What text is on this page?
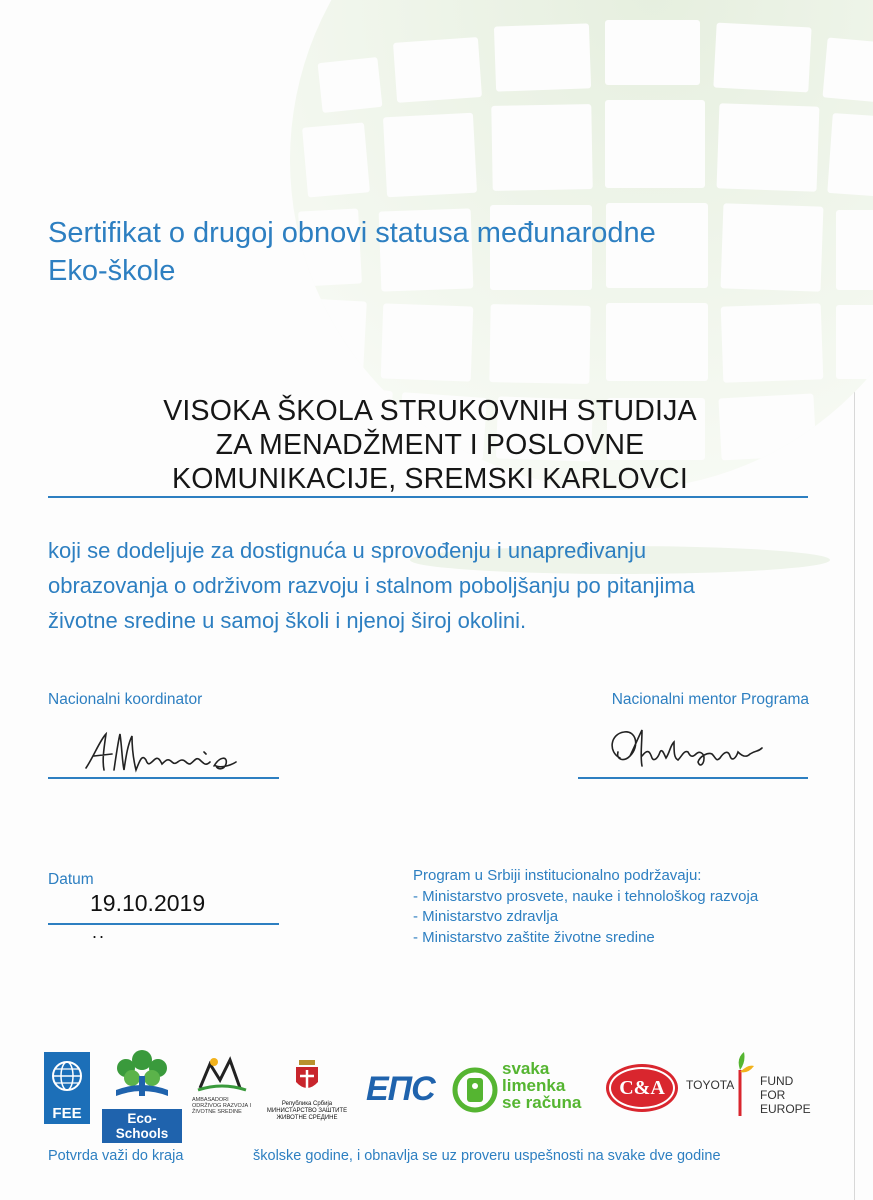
Sertifikat o drugoj obnovi statusa međunarodne
Eko-škole
VISOKA ŠKOLA STRUKOVNIH STUDIJA
ZA MENADŽMENT I POSLOVNE
KOMUNIKACIJE, SREMSKI KARLOVCI
koji se dodeljuje za dostignuća u sprovođenju i unapređivanju
obrazovanja o održivom razvoju i stalnom poboljšanju po pitanjima
životne sredine u samoj školi i njenoj široj okolini.
Nacionalni koordinator	Nacionalni mentor Programa
Datum
19.10.2019
..
Program u Srbiji institucionalno podržavaju:
- Ministarstvo prosvete, nauke i tehnološkog razvoja
- Ministarstvo zdravlja
- Ministarstvo zaštite životne sredine
FEE	Eco-Schools
AMBASADORI ODRŽIVOG RAZVOJA I ŽIVOTNE SREDINE
Република Србија
МИНИСТАРСТВО ЗАШТИТЕ
ЖИВОТНЕ СРЕДИНЕ
ЕПС
svaka
limenka
se računa
C&A	TOYOTA FUND
FOR
EUROPE
Potvrda važi do kraja	školske godine, i obnavlja se uz proveru uspešnosti na svake dve godine
